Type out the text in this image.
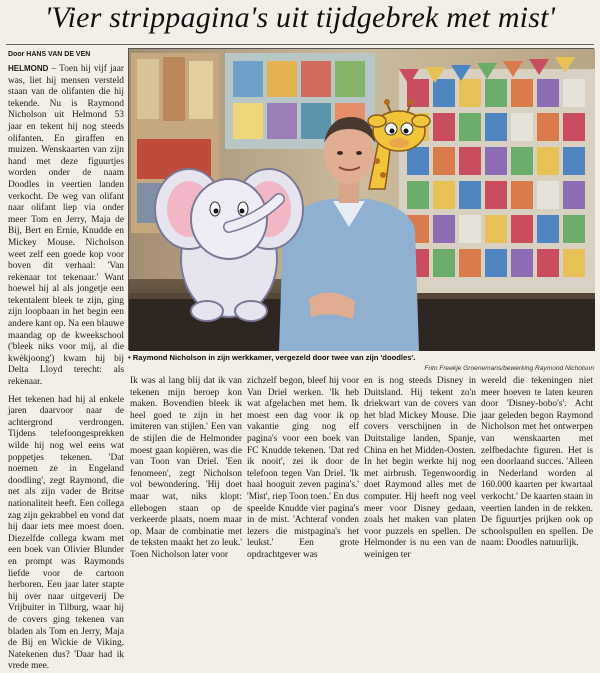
'Vier strippagina's uit tijdgebrek met mist'
Door HANS VAN DE VEN

HELMOND – Toen hij vijf jaar was, liet hij mensen versteld staan van de olifanten die hij tekende. Nu is Raymond Nicholson uit Helmond 53 jaar en tekent hij nog steeds olifanten. En giraffen en muizen. Wenskaarten van zijn hand met deze figuurtjes worden onder de naam Doodles in veertien landen verkocht. De weg van olifant naar olifant liep via onder meer Tom en Jerry, Maja de Bij, Bert en Ernie, Knudde en Mickey Mouse. Nicholson weet zelf een goede kop voor boven dit verhaal: 'Van rekenaar tot tekenaar.' Want hoewel hij al als jongetje een tekentalent bleek te zijn, ging zijn loopbaan in het begin een andere kant op. Na een blauwe maandag op de kweekschool ('bleek niks voor mij, al die kwèkjoong') kwam hij bij Delta Lloyd terecht: als rekenaar.

Het tekenen had hij al enkele jaren daarvoor naar de achtergrond verdrongen. Tijdens telefoongesprekken wilde hij nog wel eens wat poppetjes tekenen. 'Dat noemen ze in Engeland doodling', zegt Raymond, die net als zijn vader de Britse nationaliteit heeft. Een collega zag zijn gekrabbel en vond dat hij daar iets mee moest doen. Diezelfde collega kwam met een boek van Olivier Blunder en prompt was Raymonds liefde voor de cartoon herboren. Een jaar later stapte hij over naar uitgeverij De Vrijbuiter in Tilburg, waar hij de covers ging tekenen van bladen als Tom en Jerry, Maja de Bij en Wickie de Viking. Natekenen dus? 'Daar had ik vrede mee.

• Raymond Nicholson in zijn werkkamer, vergezeld door twee van zijn 'doodles'.
Foto Freekje Groenemans/bewerking Raymond Nicholson
Ik was al lang blij dat ik van tekenen mijn beroep kon maken. Bovendien bleek ik heel goed te zijn in het imiteren van stijlen.' Een van de stijlen die de Helmonder moest gaan kopiëren, was die van Toon van Driel. 'Een fenomeen', zegt Nicholson vol bewondering. 'Hij doet maar wat, niks klopt: ellebogen staan op de verkeerde plaats, noem maar op. Maar de combinatie met de teksten maakt het zo leuk.' Toen Nicholson later voor
zichzelf begon, bleef hij voor Van Driel werken. 'Ik heb wat afgelachen met hem. Ik moest een dag voor ik op vakantie ging nog elf pagina's voor een boek van FC Knudde tekenen. 'Dat red ik nooit', zei ik door de telefoon tegen Van Driel. 'Ik haal hooguit zeven pagina's.' 'Mist', riep Toon toen.' En dus speelde Knudde vier pagina's in de mist. 'Achteraf vonden lezers die mistpagina's het leukst.' Een grote opdrachtgever was
en is nog steeds Disney in Duitsland. Hij tekent zo'n driekwart van de covers van het blad Mickey Mouse. Die covers verschijnen in de Duitstalige landen, Spanje, China en het Midden-Oosten. In het begin werkte hij nog met airbrush. Tegenwoordig doet Raymond alles met de computer. Hij heeft nog veel meer voor Disney gedaan, zoals het maken van platen voor puzzels en spellen. De Helmonder is nu een van de weinigen ter
wereld die tekeningen niet meer hoeven te laten keuren door 'Disney-bobo's'. Acht jaar geleden begon Raymond Nicholson met het ontwerpen van wenskaarten met zelfbedachte figuren. Het is een doorlaand succes. 'Alleen in Nederland worden al 160.000 kaarten per kwartaal verkocht.' De kaarten staan in veertien landen in de rekken. De figuurtjes prijken ook op schoolspullen en spellen. De naam: Doodles natuurlijk.
